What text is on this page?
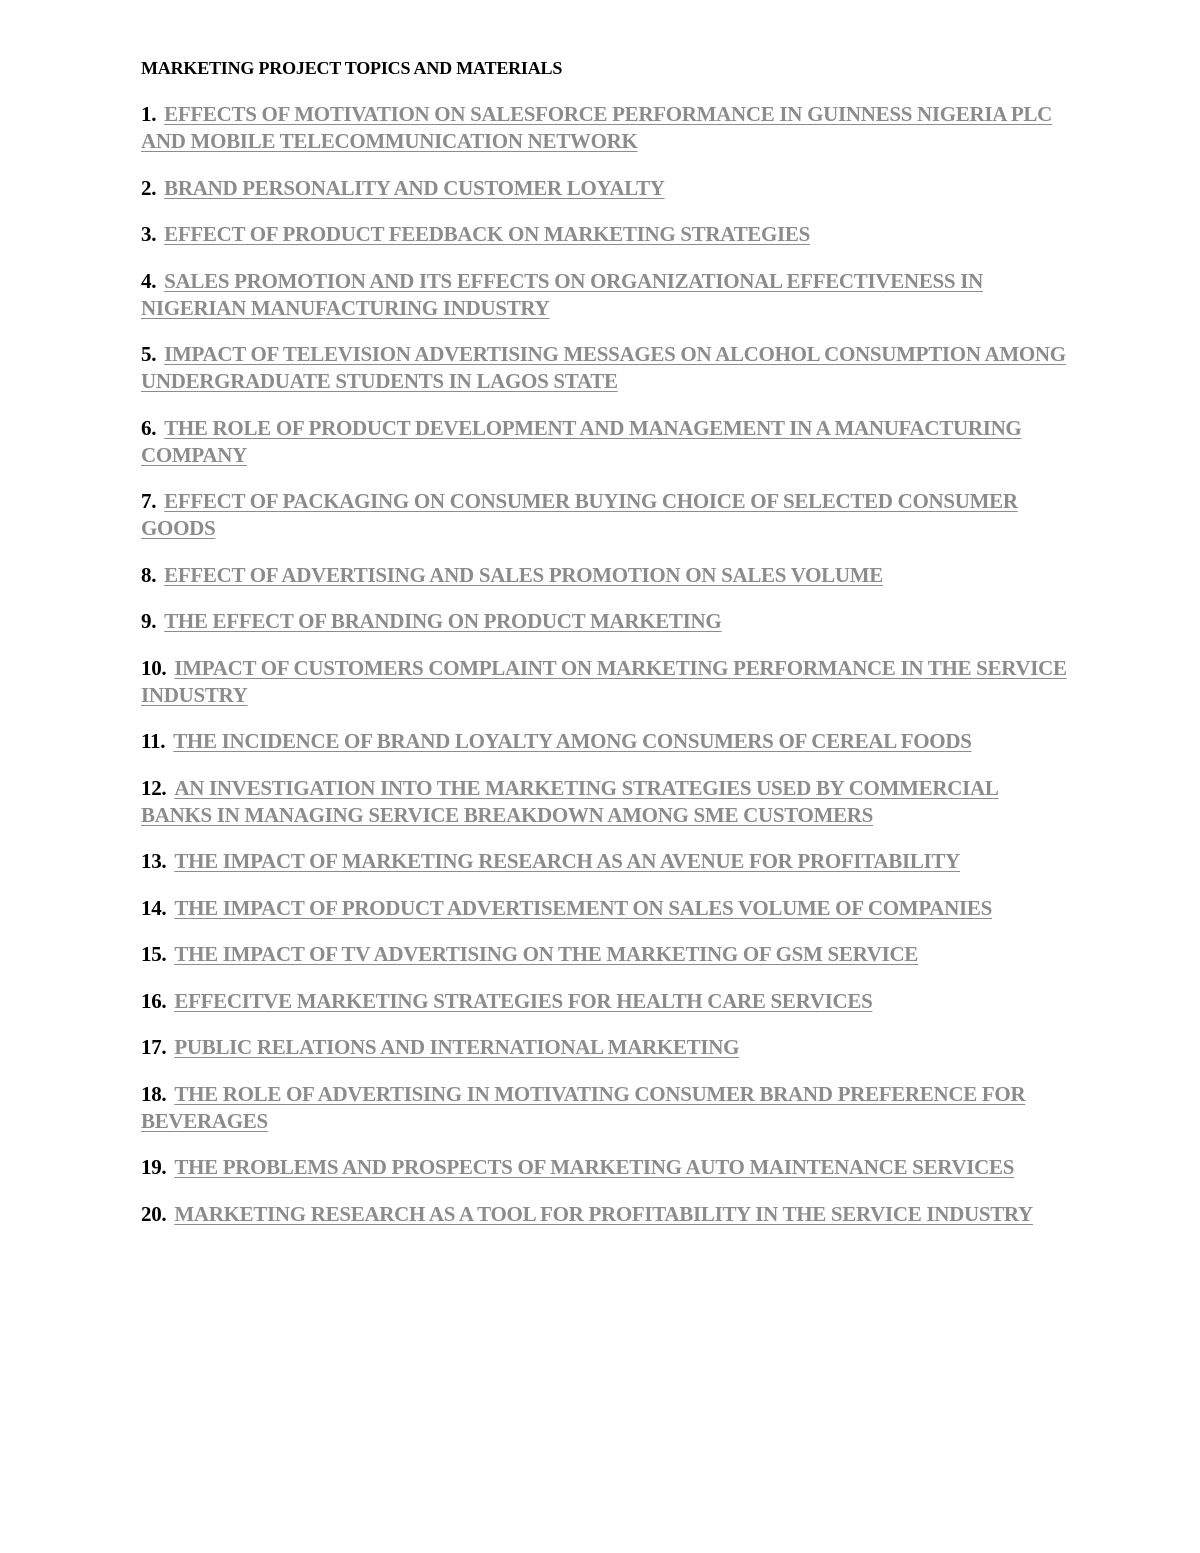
MARKETING PROJECT TOPICS AND MATERIALS
1. EFFECTS OF MOTIVATION ON SALESFORCE PERFORMANCE IN GUINNESS NIGERIA PLC AND MOBILE TELECOMMUNICATION NETWORK
2. BRAND PERSONALITY AND CUSTOMER LOYALTY
3. EFFECT OF PRODUCT FEEDBACK ON MARKETING STRATEGIES
4. SALES PROMOTION AND ITS EFFECTS ON ORGANIZATIONAL EFFECTIVENESS IN NIGERIAN MANUFACTURING INDUSTRY
5. IMPACT OF TELEVISION ADVERTISING MESSAGES ON ALCOHOL CONSUMPTION AMONG UNDERGRADUATE STUDENTS IN LAGOS STATE
6. THE ROLE OF PRODUCT DEVELOPMENT AND MANAGEMENT IN A MANUFACTURING COMPANY
7. EFFECT OF PACKAGING ON CONSUMER BUYING CHOICE OF SELECTED CONSUMER GOODS
8. EFFECT OF ADVERTISING AND SALES PROMOTION ON SALES VOLUME
9. THE EFFECT OF BRANDING ON PRODUCT MARKETING
10. IMPACT OF CUSTOMERS COMPLAINT ON MARKETING PERFORMANCE IN THE SERVICE INDUSTRY
11. THE INCIDENCE OF BRAND LOYALTY AMONG CONSUMERS OF CEREAL FOODS
12. AN INVESTIGATION INTO THE MARKETING STRATEGIES USED BY COMMERCIAL BANKS IN MANAGING SERVICE BREAKDOWN AMONG SME CUSTOMERS
13. THE IMPACT OF MARKETING RESEARCH AS AN AVENUE FOR PROFITABILITY
14. THE IMPACT OF PRODUCT ADVERTISEMENT ON SALES VOLUME OF COMPANIES
15. THE IMPACT OF TV ADVERTISING ON THE MARKETING OF GSM SERVICE
16. EFFECITVE MARKETING STRATEGIES FOR HEALTH CARE SERVICES
17. PUBLIC RELATIONS AND INTERNATIONAL MARKETING
18. THE ROLE OF ADVERTISING IN MOTIVATING CONSUMER BRAND PREFERENCE FOR BEVERAGES
19. THE PROBLEMS AND PROSPECTS OF MARKETING AUTO MAINTENANCE SERVICES
20. MARKETING RESEARCH AS A TOOL FOR PROFITABILITY IN THE SERVICE INDUSTRY
